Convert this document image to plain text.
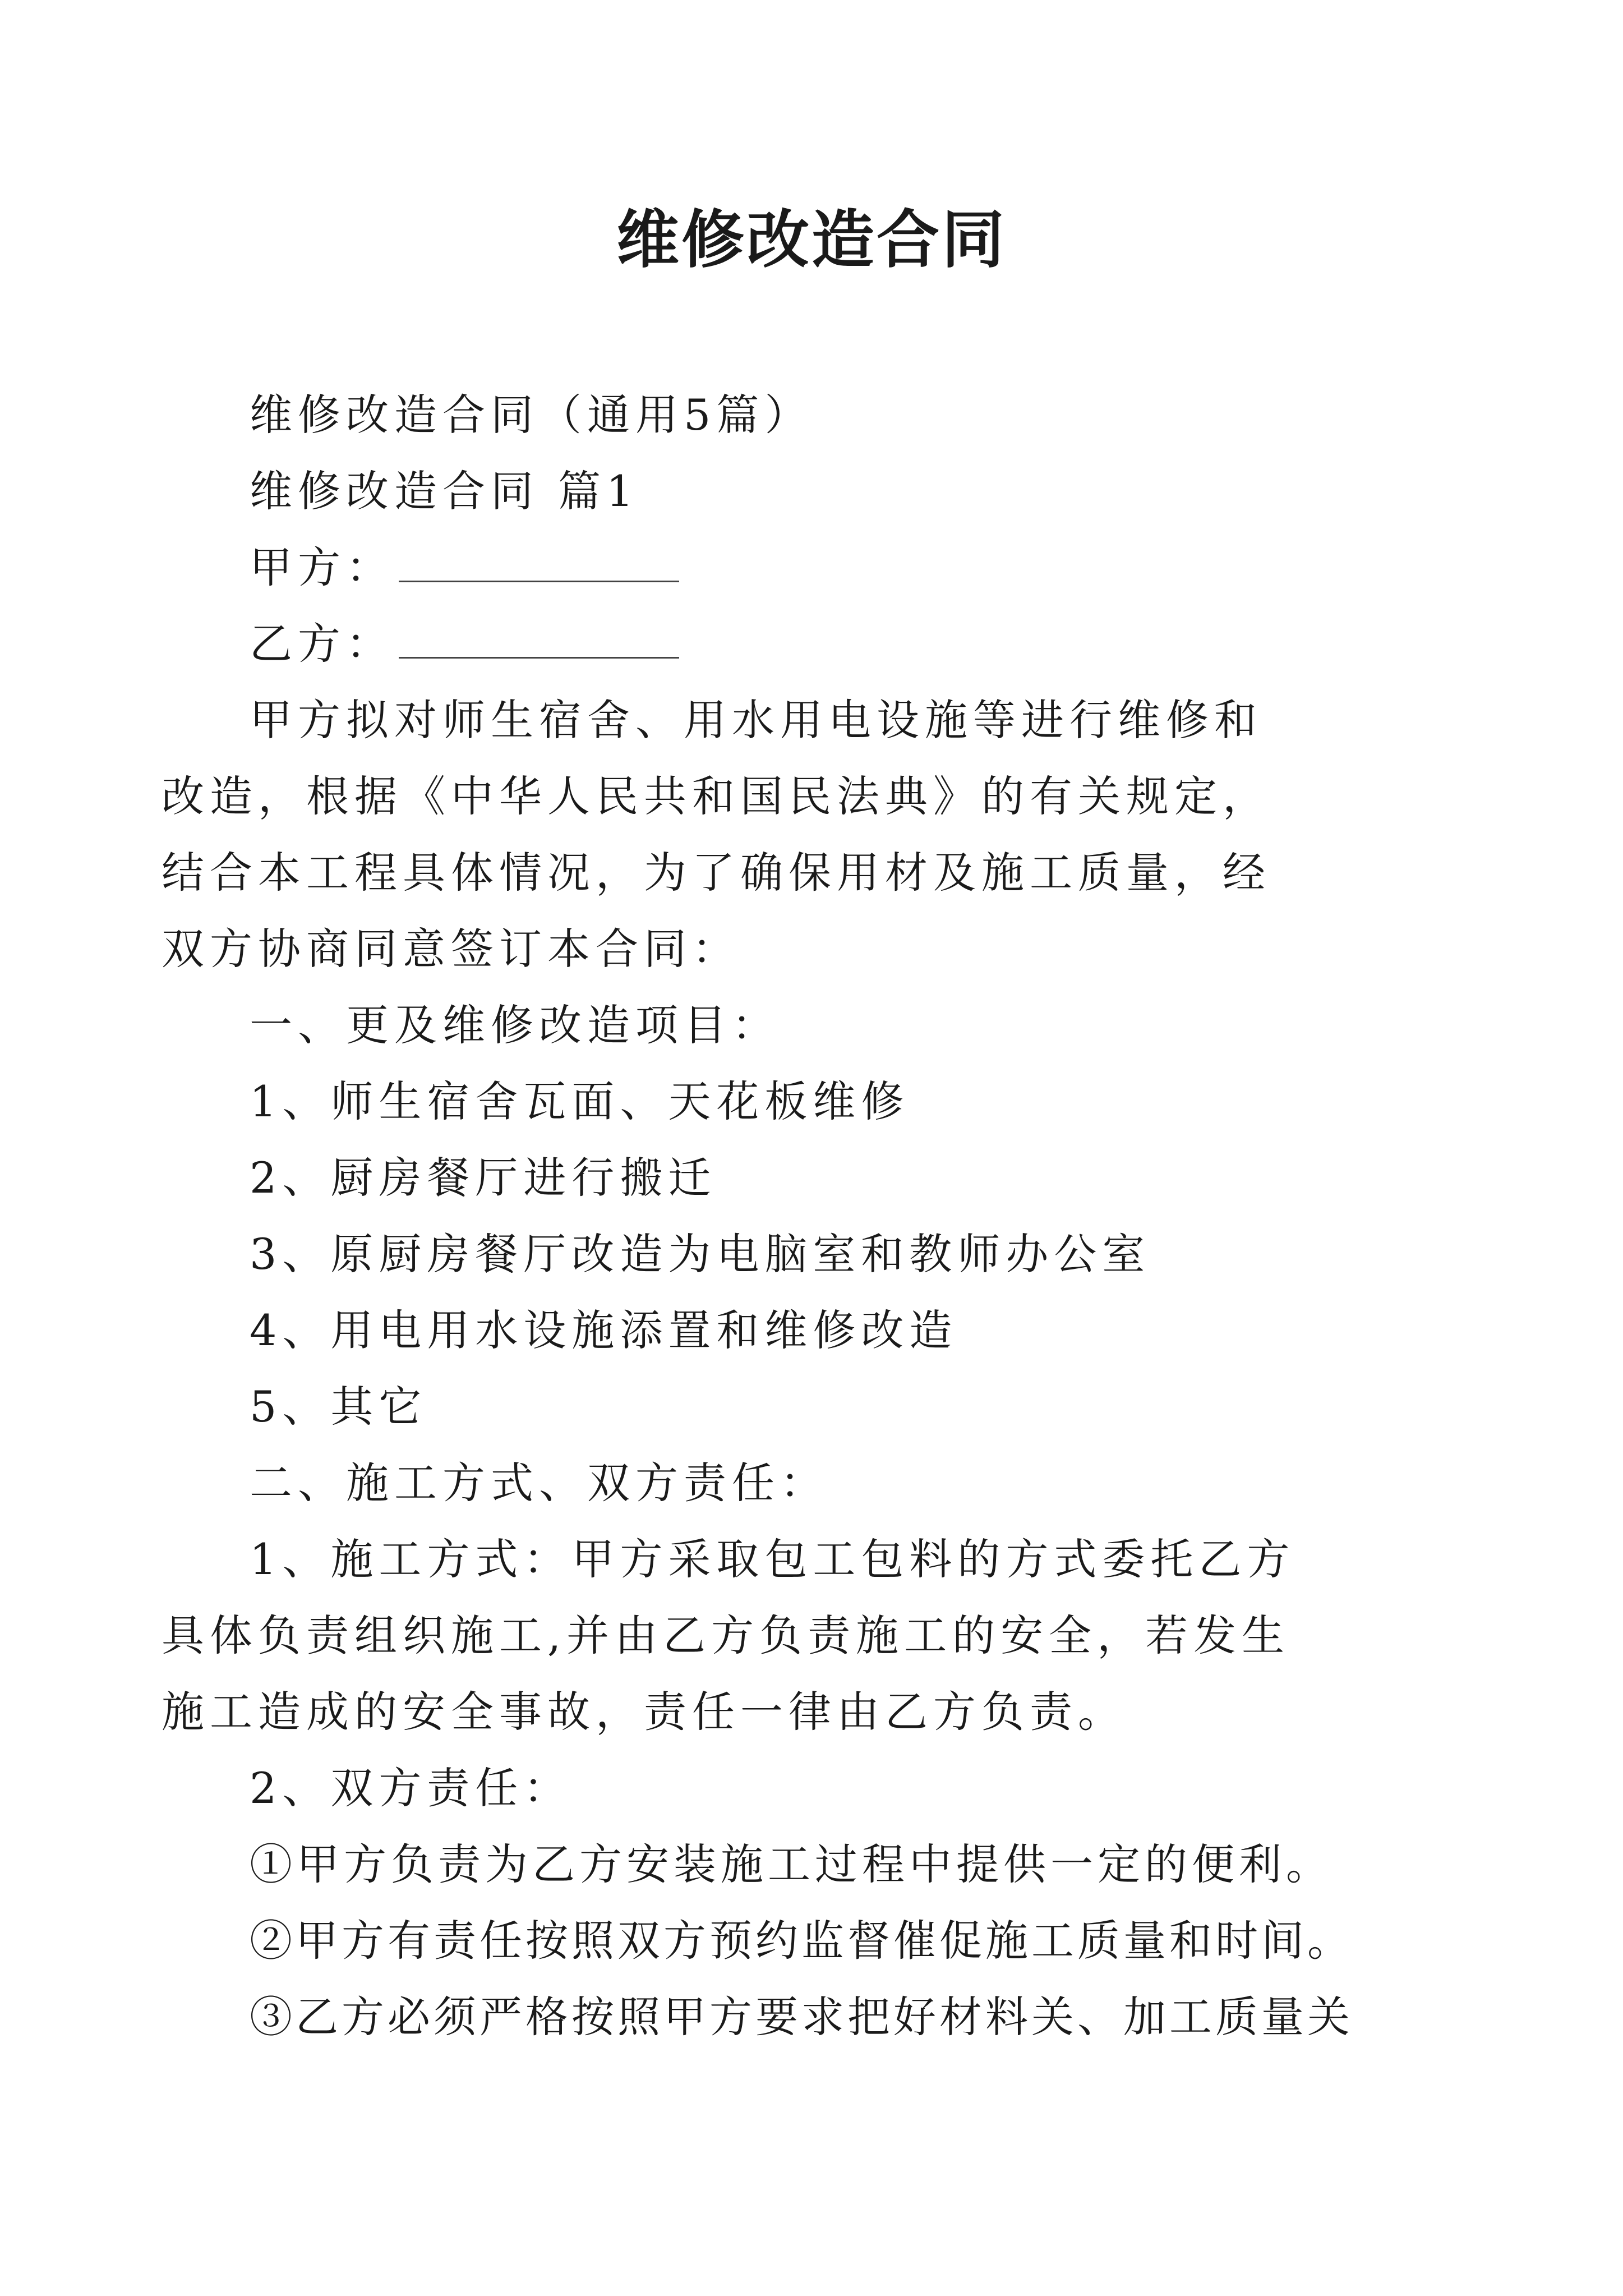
维修改造合同

维修改造合同（通用5篇）

维修改造合同 篇1

甲方：

乙方：

甲方拟对师生宿舍、用水用电设施等进行维修和改造，根据《中华人民共和国民法典》的有关规定，结合本工程具体情况，为了确保用材及施工质量，经双方协商同意签订本合同：

一、更及维修改造项目：

1、师生宿舍瓦面、天花板维修

2、厨房餐厅进行搬迁

3、原厨房餐厅改造为电脑室和教师办公室

4、用电用水设施添置和维修改造

5、其它

二、施工方式、双方责任：

1、施工方式：甲方采取包工包料的方式委托乙方具体负责组织施工,并由乙方负责施工的安全，若发生施工造成的安全事故，责任一律由乙方负责。

2、双方责任：

①甲方负责为乙方安装施工过程中提供一定的便利。

②甲方有责任按照双方预约监督催促施工质量和时间。

③乙方必须严格按照甲方要求把好材料关、加工质量关
